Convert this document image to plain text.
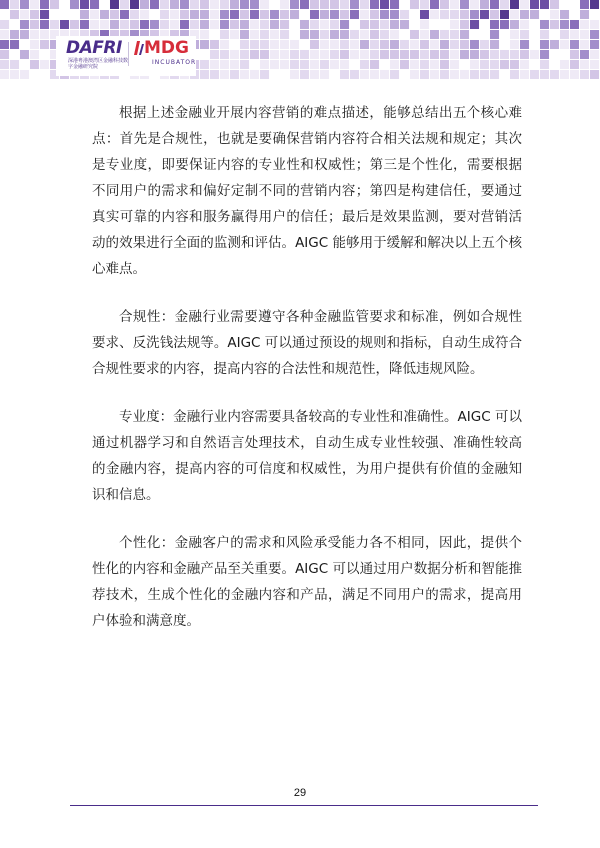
DAFRI
深港粤港澳湾区金融科技数字金融研究院
MDG
INCUBATOR

根据上述金融业开展内容营销的难点描述，能够总结出五个核心难点：首先是合规性，也就是要确保营销内容符合相关法规和规定；其次是专业度，即要保证内容的专业性和权威性；第三是个性化，需要根据不同用户的需求和偏好定制不同的营销内容；第四是构建信任，要通过真实可靠的内容和服务赢得用户的信任；最后是效果监测，要对营销活动的效果进行全面的监测和评估。AIGC 能够用于缓解和解决以上五个核心难点。

合规性：金融行业需要遵守各种金融监管要求和标准，例如合规性要求、反洗钱法规等。AIGC 可以通过预设的规则和指标，自动生成符合合规性要求的内容，提高内容的合法性和规范性，降低违规风险。

专业度：金融行业内容需要具备较高的专业性和准确性。AIGC 可以通过机器学习和自然语言处理技术，自动生成专业性较强、准确性较高的金融内容，提高内容的可信度和权威性，为用户提供有价值的金融知识和信息。

个性化：金融客户的需求和风险承受能力各不相同，因此，提供个性化的内容和金融产品至关重要。AIGC 可以通过用户数据分析和智能推荐技术，生成个性化的金融内容和产品，满足不同用户的需求，提高用户体验和满意度。

29
